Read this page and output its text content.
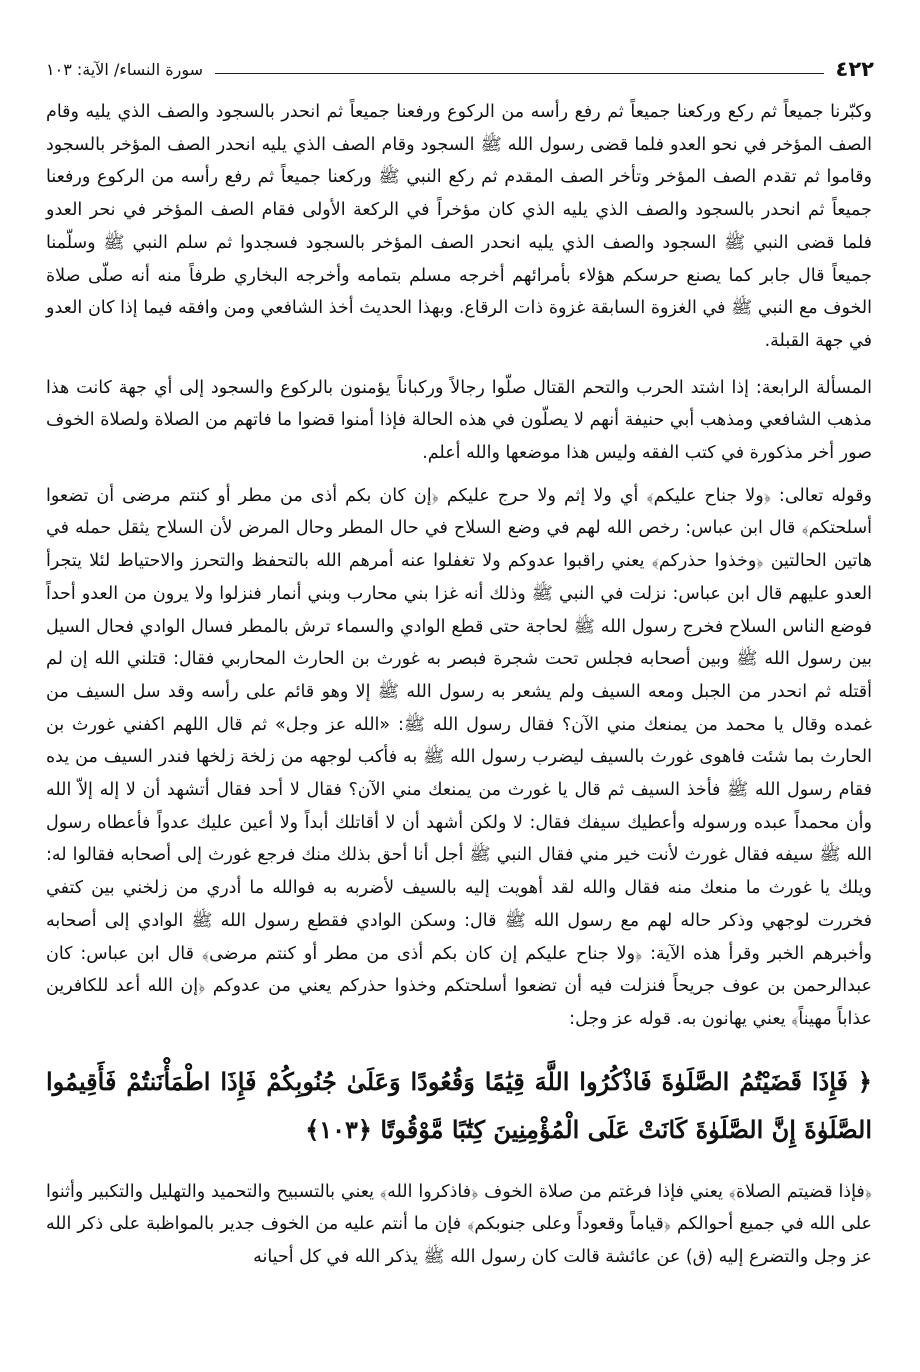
٤٢٢
سورة النساء/ الآية: ١٠٣

وكبّرنا جميعاً ثم ركع وركعنا جميعاً ثم رفع رأسه من الركوع ورفعنا جميعاً ثم انحدر بالسجود والصف الذي يليه وقام الصف المؤخر في نحو العدو فلما قضى رسول الله ﷺ السجود وقام الصف الذي يليه انحدر الصف المؤخر بالسجود وقاموا ثم تقدم الصف المؤخر وتأخر الصف المقدم ثم ركع النبي ﷺ وركعنا جميعاً ثم رفع رأسه من الركوع ورفعنا جميعاً ثم انحدر بالسجود والصف الذي يليه الذي كان مؤخراً في الركعة الأولى فقام الصف المؤخر في نحر العدو فلما قضى النبي ﷺ السجود والصف الذي يليه انحدر الصف المؤخر بالسجود فسجدوا ثم سلم النبي ﷺ وسلّمنا جميعاً قال جابر كما يصنع حرسكم هؤلاء بأمرائهم أخرجه مسلم بتمامه وأخرجه البخاري طرفاً منه أنه صلّى صلاة الخوف مع النبي ﷺ في الغزوة السابقة غزوة ذات الرقاع. وبهذا الحديث أخذ الشافعي ومن وافقه فيما إذا كان العدو في جهة القبلة.

المسألة الرابعة: إذا اشتد الحرب والتحم القتال صلّوا رجالاً وركباناً يؤمنون بالركوع والسجود إلى أي جهة كانت هذا مذهب الشافعي ومذهب أبي حنيفة أنهم لا يصلّون في هذه الحالة فإذا أمنوا قضوا ما فاتهم من الصلاة ولصلاة الخوف صور أخر مذكورة في كتب الفقه وليس هذا موضعها والله أعلم.

وقوله تعالى: ﴿ولا جناح عليكم﴾ أي ولا إثم ولا حرج عليكم ﴿إن كان بكم أذى من مطر أو كنتم مرضى أن تضعوا أسلحتكم﴾ قال ابن عباس: رخص الله لهم في وضع السلاح في حال المطر وحال المرض لأن السلاح يثقل حمله في هاتين الحالتين ﴿وخذوا حذركم﴾ يعني راقبوا عدوكم ولا تغفلوا عنه أمرهم الله بالتحفظ والتحرز والاحتياط لئلا يتجرأ العدو عليهم قال ابن عباس: نزلت في النبي ﷺ وذلك أنه غزا بني محارب وبني أنمار فنزلوا ولا يرون من العدو أحداً فوضع الناس السلاح فخرج رسول الله ﷺ لحاجة حتى قطع الوادي والسماء ترش بالمطر فسال الوادي فحال السيل بين رسول الله ﷺ وبين أصحابه فجلس تحت شجرة فبصر به غورث بن الحارث المحاربي فقال: قتلني الله إن لم أقتله ثم انحدر من الجبل ومعه السيف ولم يشعر به رسول الله ﷺ إلا وهو قائم على رأسه وقد سل السيف من غمده وقال يا محمد من يمنعك مني الآن؟ فقال رسول الله ﷺ: «الله عز وجل» ثم قال اللهم اكفني غورث بن الحارث بما شئت فاهوى غورث بالسيف ليضرب رسول الله ﷺ به فأكب لوجهه من زلخة زلخها فندر السيف من يده فقام رسول الله ﷺ فأخذ السيف ثم قال يا غورث من يمنعك مني الآن؟ فقال لا أحد فقال أتشهد أن لا إله إلاّ الله وأن محمداً عبده ورسوله وأعطيك سيفك فقال: لا ولكن أشهد أن لا أقاتلك أبداً ولا أعين عليك عدواً فأعطاه رسول الله ﷺ سيفه فقال غورث لأنت خير مني فقال النبي ﷺ أجل أنا أحق بذلك منك فرجع غورث إلى أصحابه فقالوا له: ويلك يا غورث ما منعك منه فقال والله لقد أهويت إليه بالسيف لأضربه به فوالله ما أدري من زلخني بين كتفي فخررت لوجهي وذكر حاله لهم مع رسول الله ﷺ قال: وسكن الوادي فقطع رسول الله ﷺ الوادي إلى أصحابه وأخبرهم الخبر وقرأ هذه الآية: ﴿ولا جناح عليكم إن كان بكم أذى من مطر أو كنتم مرضى﴾ قال ابن عباس: كان عبدالرحمن بن عوف جريحاً فنزلت فيه أن تضعوا أسلحتكم وخذوا حذركم يعني من عدوكم ﴿إن الله أعد للكافرين عذاباً مهيناً﴾ يعني يهانون به. قوله عز وجل:

﴿ فَإِذَا قَضَيْتُمُ الصَّلَوٰةَ فَاذْكُرُوا اللَّهَ قِيَٰمًا وَقُعُودًا وَعَلَىٰ جُنُوبِكُمْ فَإِذَا اطْمَأْنَنتُمْ فَأَقِيمُوا الصَّلَوٰةَ إِنَّ الصَّلَوٰةَ كَانَتْ عَلَى الْمُؤْمِنِينَ كِتَٰبًا مَّوْقُوتًا ﴿١٠٣﴾

﴿فإذا قضيتم الصلاة﴾ يعني فإذا فرغتم من صلاة الخوف ﴿فاذكروا الله﴾ يعني بالتسبيح والتحميد والتهليل والتكبير وأثنوا على الله في جميع أحوالكم ﴿قياماً وقعوداً وعلى جنوبكم﴾ فإن ما أنتم عليه من الخوف جدير بالمواظبة على ذكر الله عز وجل والتضرع إليه (ق) عن عائشة قالت كان رسول الله ﷺ يذكر الله في كل أحيانه
